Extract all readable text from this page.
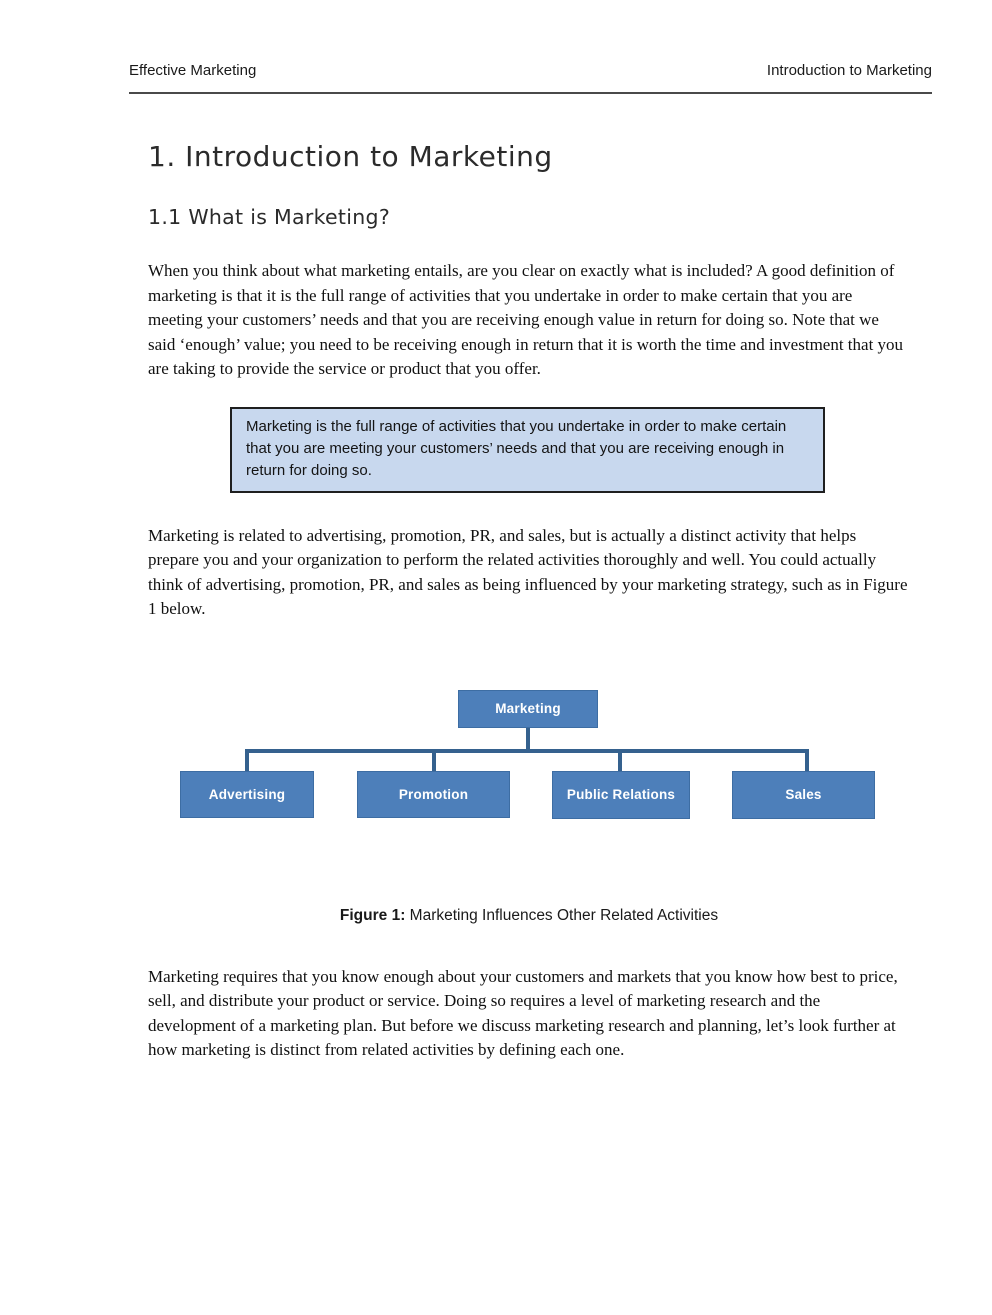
Effective Marketing	Introduction to Marketing
1. Introduction to Marketing
1.1 What is Marketing?

When you think about what marketing entails, are you clear on exactly what is included? A good definition of marketing is that it is the full range of activities that you undertake in order to make certain that you are meeting your customers’ needs and that you are receiving enough value in return for doing so. Note that we said ‘enough’ value; you need to be receiving enough in return that it is worth the time and investment that you are taking to provide the service or product that you offer.

Marketing is the full range of activities that you undertake in order to make certain that you are meeting your customers’ needs and that you are receiving enough in return for doing so.

Marketing is related to advertising, promotion, PR, and sales, but is actually a distinct activity that helps prepare you and your organization to perform the related activities thoroughly and well. You could actually think of advertising, promotion, PR, and sales as being influenced by your marketing strategy, such as in Figure 1 below.

Marketing
Advertising	Promotion	Public Relations	Sales
Figure 1: Marketing Influences Other Related Activities

Marketing requires that you know enough about your customers and markets that you know how best to price, sell, and distribute your product or service. Doing so requires a level of marketing research and the development of a marketing plan. But before we discuss marketing research and planning, let’s look further at how marketing is distinct from related activities by defining each one.
